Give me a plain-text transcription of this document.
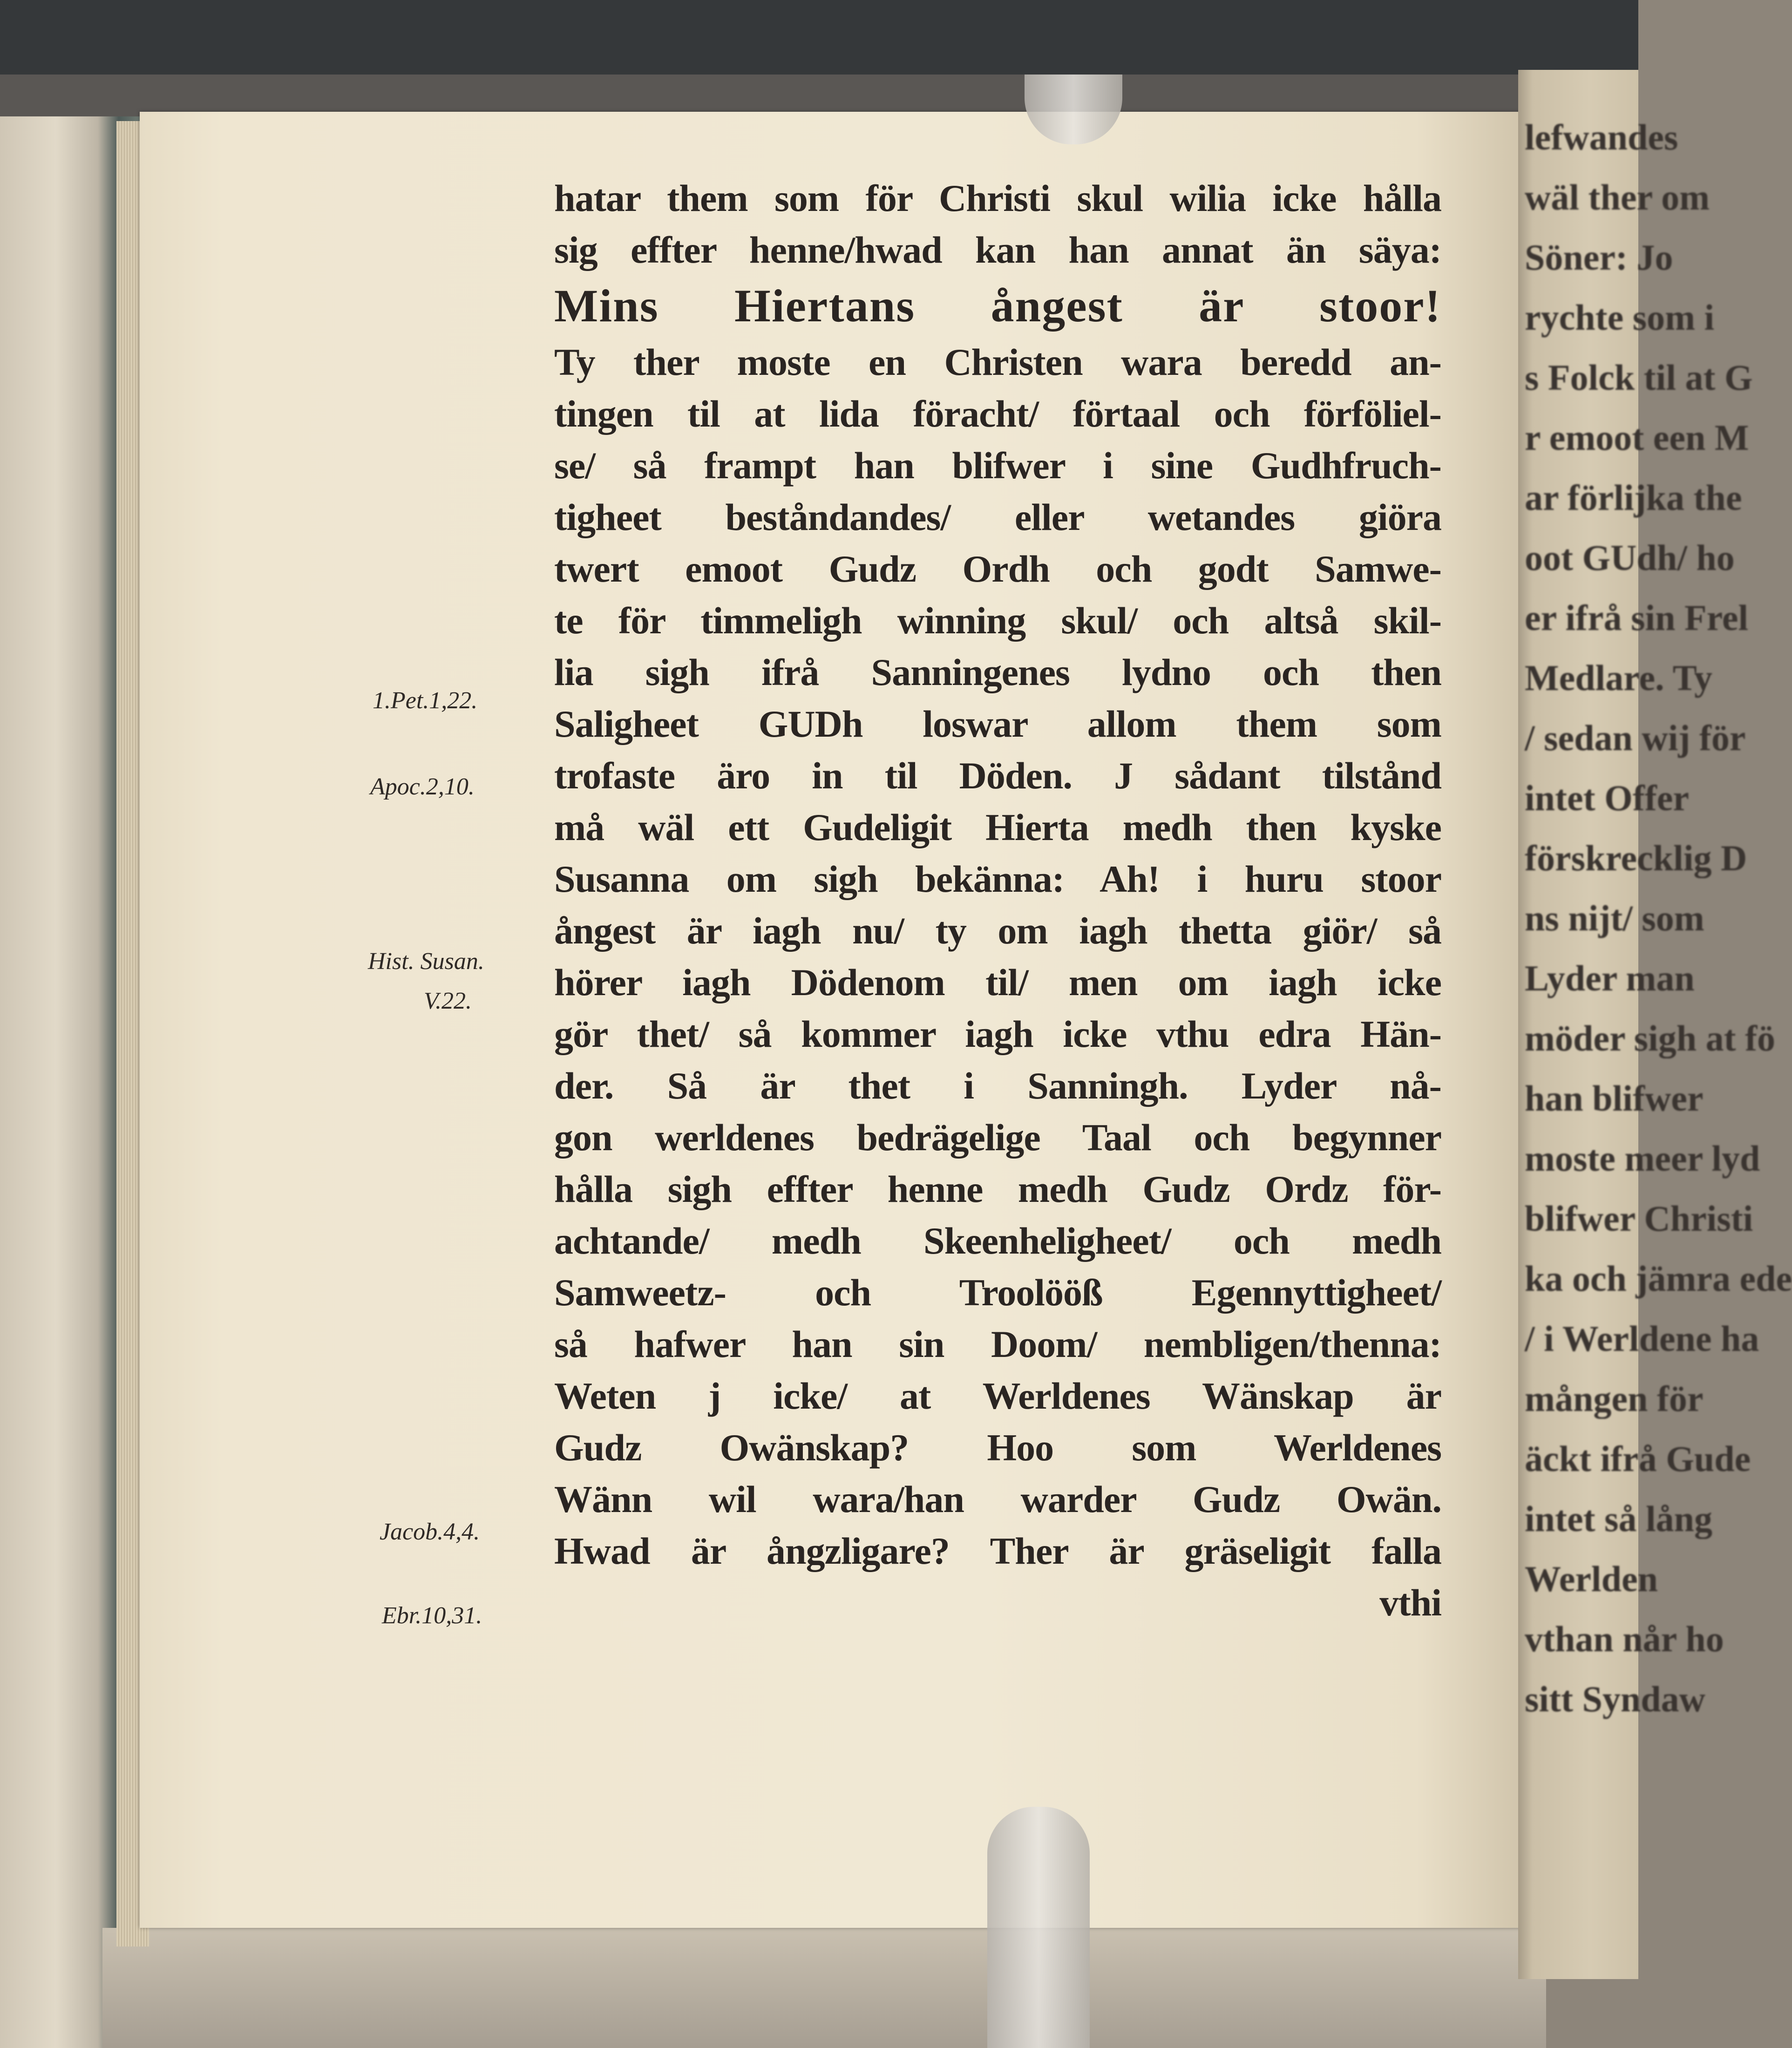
lefwandes
wäl ther om
Söner: Jo
rychte som i
s Folck til at G
r emoot een M
ar förlijka the
oot GUdh/ ho
er ifrå sin Frel
Medlare. Ty
/ sedan wij för
intet Offer
förskrecklig D
ns nijt/ som
Lyder man
möder sigh at fö
han blifwer
moste meer lyd
blifwer Christi
ka och jämra ede
/ i Werldene ha
mången för
äckt ifrå Gude
intet så lång
Werlden
vthan når ho
sitt Syndaw
hatar them som för Christi skul wilia icke hålla
sig effter henne/hwad kan han annat än säya:
Mins Hiertans ångest är stoor!
Ty ther moste en Christen wara beredd an-
tingen til at lida föracht/ förtaal och förföliel-
se/ så frampt han blifwer i sine Gudhfruch-
tigheet beståndandes/ eller wetandes giöra
twert emoot Gudz Ordh och godt Samwe-
te för timmeligh winning skul/ och altså skil-
lia sigh ifrå Sanningenes lydno och then
Saligheet GUDh loswar allom them som
trofaste äro in til Döden. J sådant tilstånd
må wäl ett Gudeligit Hierta medh then kyske
Susanna om sigh bekänna: Ah! i huru stoor
ångest är iagh nu/ ty om iagh thetta giör/ så
hörer iagh Dödenom til/ men om iagh icke
gör thet/ så kommer iagh icke vthu edra Hän-
der. Så är thet i Sanningh. Lyder nå-
gon werldenes bedrägelige Taal och begynner
hålla sigh effter henne medh Gudz Ordz för-
achtande/ medh Skeenheligheet/ och medh
Samweetz- och Troolööß Egennyttigheet/
så hafwer han sin Doom/ nembligen/thenna:
Weten j icke/ at Werldenes Wänskap är
Gudz Owänskap? Hoo som Werldenes
Wänn wil wara/han warder Gudz Owän.
Hwad är ångzligare? Ther är gräseligit falla
vthi
1.Pet.1,22.
Apoc.2,10.
Hist. Susan.
V.22.
Jacob.4,4.
Ebr.10,31.
